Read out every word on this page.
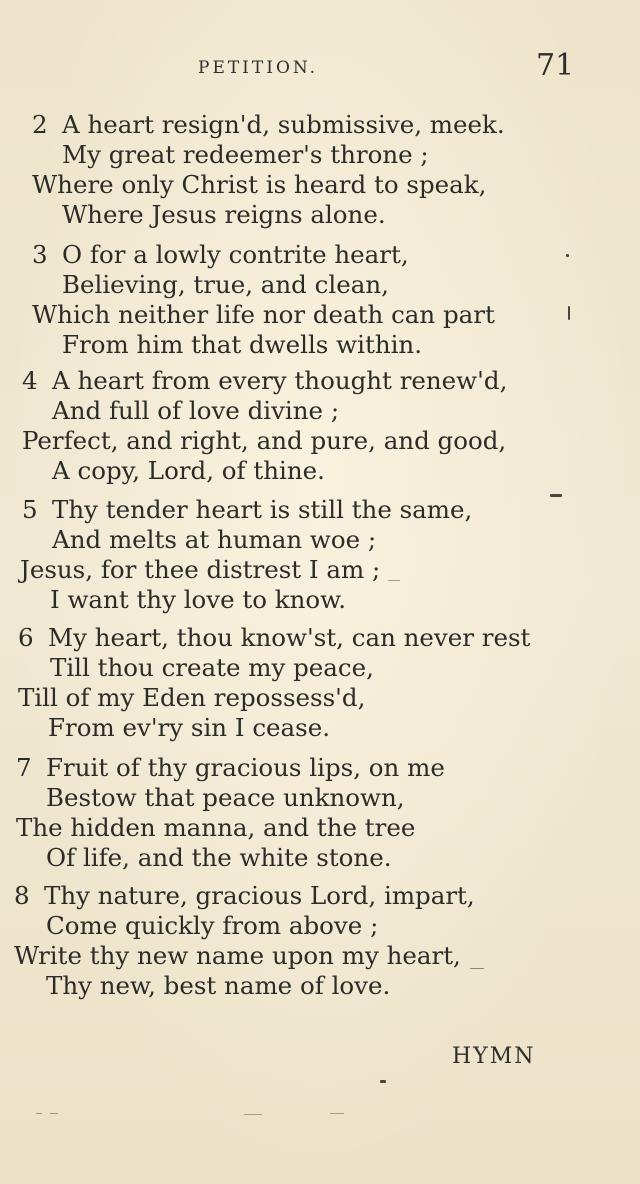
PETITION.	71
2 A heart resign'd, submissive, meek.
My great redeemer's throne ;
Where only Christ is heard to speak,
Where Jesus reigns alone.
3 O for a lowly contrite heart,
Believing, true, and clean,
Which neither life nor death can part
From him that dwells within.
4 A heart from every thought renew'd,
And full of love divine ;
Perfect, and right, and pure, and good,
A copy, Lord, of thine.
5 Thy tender heart is still the same,
And melts at human woe ;
Jesus, for thee distrest I am ;
I want thy love to know.
6 My heart, thou know'st, can never rest
Till thou create my peace,
Till of my Eden repossess'd,
From ev'ry sin I cease.
7 Fruit of thy gracious lips, on me
Bestow that peace unknown,
The hidden manna, and the tree
Of life, and the white stone.
8 Thy nature, gracious Lord, impart,
Come quickly from above ;
Write thy new name upon my heart,
Thy new, best name of love.
HYMN
